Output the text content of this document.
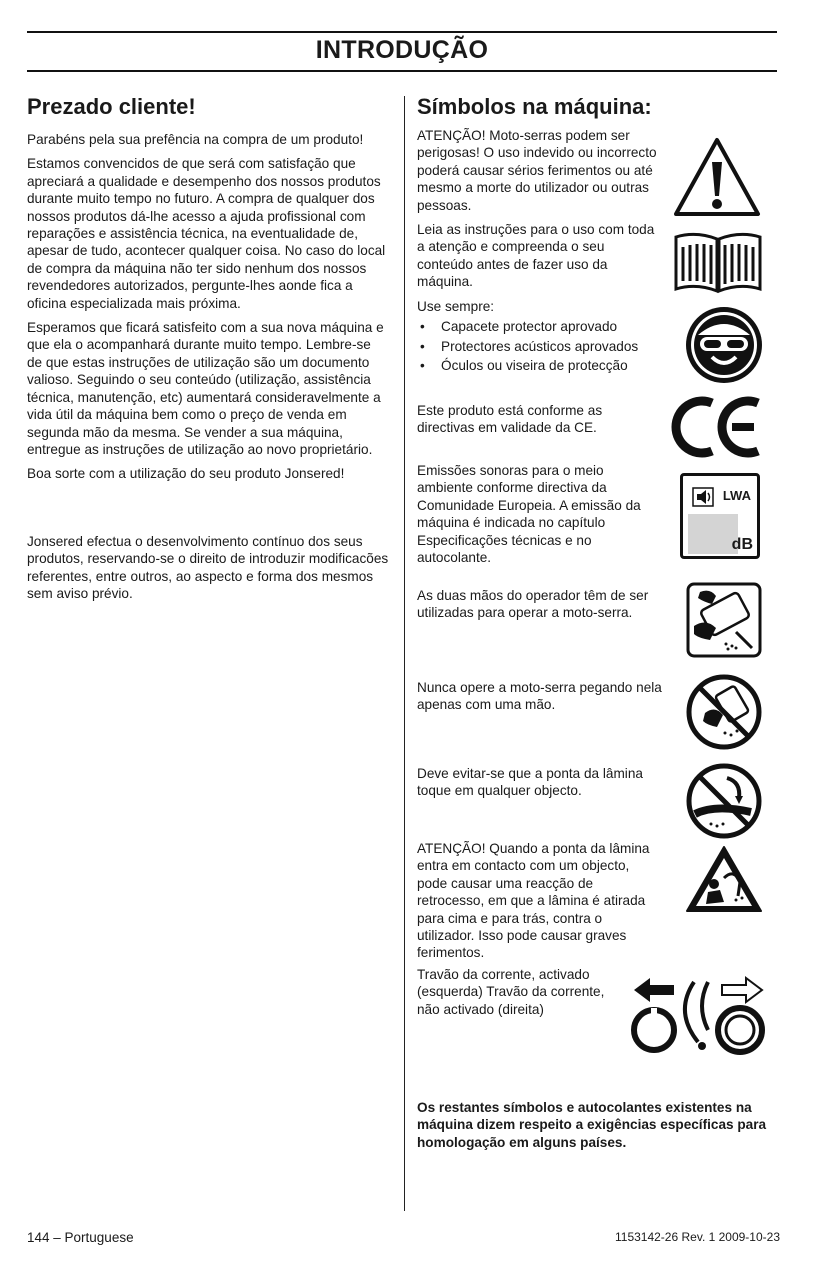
INTRODUÇÃO
Prezado cliente!

Parabéns pela sua prefência na compra de um produto!

Estamos convencidos de que será com satisfação que apreciará a qualidade e desempenho dos nossos produtos durante muito tempo no futuro. A compra de qualquer dos nossos produtos dá-lhe acesso a ajuda profissional com reparações e assistência técnica, na eventualidade de, apesar de tudo, acontecer qualquer coisa. No caso do local de compra da máquina não ter sido nenhum dos nossos revendedores autorizados, pergunte-lhes aonde fica a oficina especializada mais próxima.

Esperamos que ficará satisfeito com a sua nova máquina e que ela o acompanhará durante muito tempo. Lembre-se de que estas instruções de utilização são um documento valioso. Seguindo o seu conteúdo (utilização, assistência técnica, manutenção, etc) aumentará consideravelmente a vida útil da máquina bem como o preço de venda em segunda mão da mesma. Se vender a sua máquina, entregue as instruções de utilização ao novo proprietário.

Boa sorte com a utilização do seu produto Jonsered!

Jonsered efectua o desenvolvimento contínuo dos seus produtos, reservando-se o direito de introduzir modificacões referentes, entre outros, ao aspecto e forma dos mesmos sem aviso prévio.

Símbolos na máquina:

ATENÇÃO! Moto-serras podem ser perigosas! O uso indevido ou incorrecto poderá causar sérios ferimentos ou até mesmo a morte do utilizador ou outras pessoas.

Leia as instruções para o uso com toda a atenção e compreenda o seu conteúdo antes de fazer uso da máquina.

Use sempre:

• Capacete protector aprovado
• Protectores acústicos aprovados
• Óculos ou viseira de protecção
Este produto está conforme as directivas em validade da CE.
Emissões sonoras para o meio ambiente conforme directiva da Comunidade Europeia. A emissão da máquina é indicada no capítulo Especificações técnicas e no autocolante.
As duas mãos do operador têm de ser utilizadas para operar a moto-serra.
Nunca opere a moto-serra pegando nela apenas com uma mão.
Deve evitar-se que a ponta da lâmina toque em qualquer objecto.
ATENÇÃO! Quando a ponta da lâmina entra em contacto com um objecto, pode causar uma reacção de retrocesso, em que a lâmina é atirada para cima e para trás, contra o utilizador. Isso pode causar graves ferimentos.
Travão da corrente, activado (esquerda) Travão da corrente, não activado (direita)
Os restantes símbolos e autocolantes existentes na máquina dizem respeito a exigências específicas para homologação em alguns países.
LWA
dB
144 – Portuguese	1153142-26 Rev. 1 2009-10-23
